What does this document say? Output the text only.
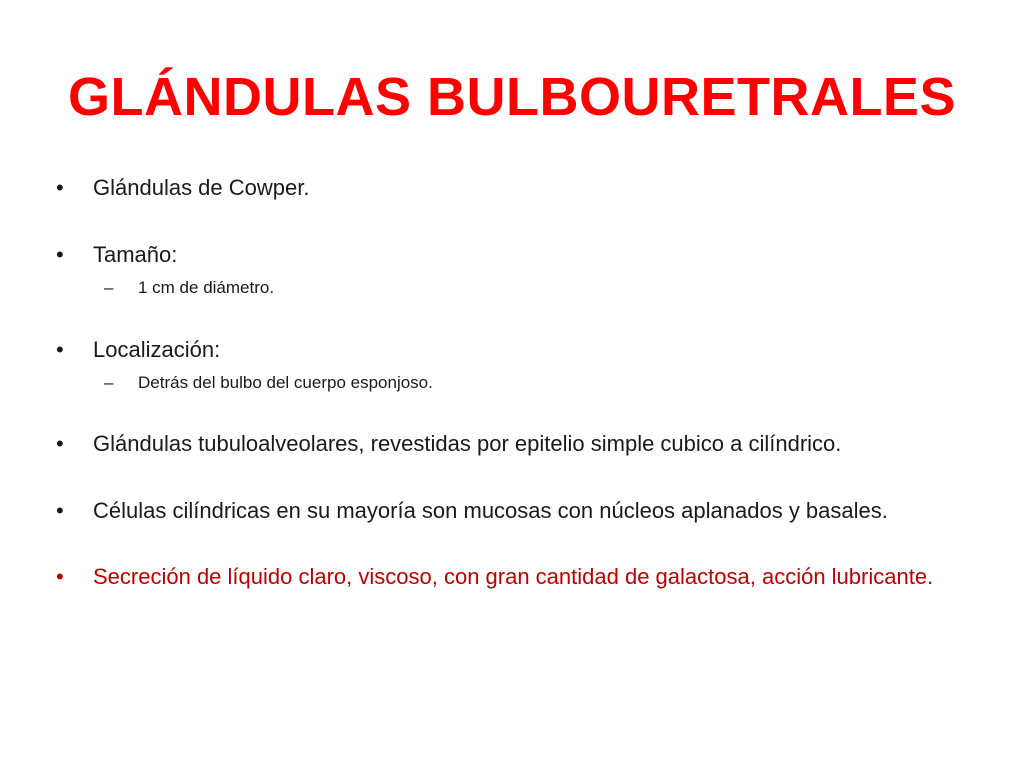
GLÁNDULAS BULBOURETRALES
•	Glándulas de Cowper.
•	Tamaño:
– 1 cm de diámetro.
•	Localización:
– Detrás del bulbo del cuerpo esponjoso.
•	Glándulas tubuloalveolares, revestidas por epitelio simple cubico a cilíndrico.
•	Células cilíndricas en su mayoría son mucosas con núcleos aplanados y basales.
•	Secreción de líquido claro, viscoso, con gran cantidad de galactosa, acción lubricante.
